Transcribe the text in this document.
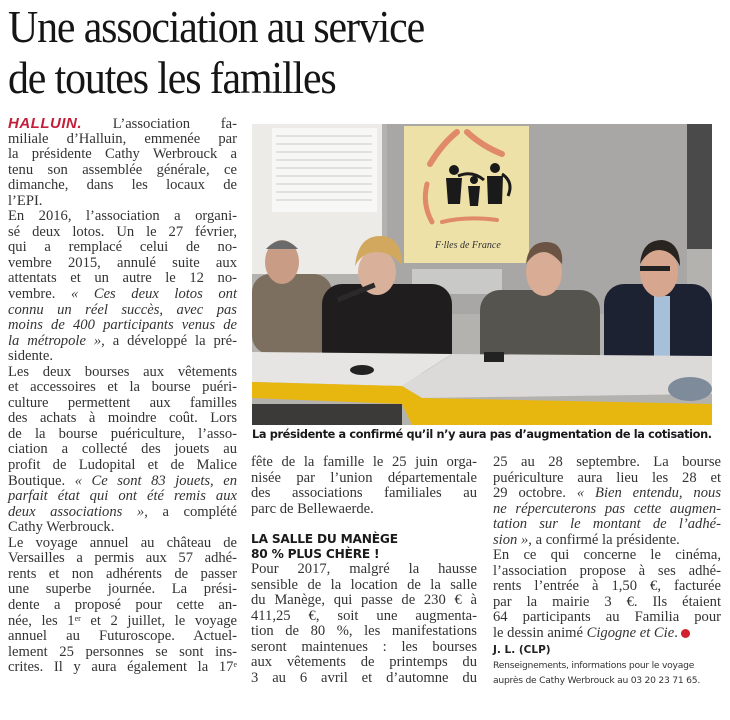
Une association au service
de toutes les familles
HALLUIN. L’association fa-
miliale d’Halluin, emmenée par
la présidente Cathy Werbrouck a
tenu son assemblée générale, ce
dimanche, dans les locaux de
l’EPI.
En 2016, l’association a organi-
sé deux lotos. Un le 27 février,
qui a remplacé celui de no-
vembre 2015, annulé suite aux
attentats et un autre le 12 no-
vembre. « Ces deux lotos ont
connu un réel succès, avec pas
moins de 400 participants venus de
la métropole », a développé la pré-
sidente.
Les deux bourses aux vêtements
et accessoires et la bourse puéri-
culture permettent aux familles
des achats à moindre coût. Lors
de la bourse puériculture, l’asso-
ciation a collecté des jouets au
profit de Ludopital et de Malice
Boutique. « Ce sont 83 jouets, en
parfait état qui ont été remis aux
deux associations », a complété
Cathy Werbrouck.
Le voyage annuel au château de
Versailles a permis aux 57 adhé-
rents et non adhérents de passer
une superbe journée. La prési-
dente a proposé pour cette an-
née, les 1er et 2 juillet, le voyage
annuel au Futuroscope. Actuel-
lement 25 personnes se sont ins-
crites. Il y aura également la 17e
F·lles de France
La présidente a confirmé qu’il n’y aura pas d’augmentation de la cotisation.
fête de la famille le 25 juin orga-
nisée par l’union départementale
des associations familiales au
parc de Bellewaerde.
LA SALLE DU MANÈGE
80 % PLUS CHÈRE !
Pour 2017, malgré la hausse
sensible de la location de la salle
du Manège, qui passe de 230 € à
411,25 €, soit une augmenta-
tion de 80 %, les manifestations
seront maintenues : les bourses
aux vêtements de printemps du
3 au 6 avril et d’automne du
25 au 28 septembre. La bourse
puériculture aura lieu les 28 et
29 octobre. « Bien entendu, nous
ne répercuterons pas cette augmen-
tation sur le montant de l’adhé-
sion », a confirmé la présidente.
En ce qui concerne le cinéma,
l’association propose à ses adhé-
rents l’entrée à 1,50 €, facturée
par la mairie 3 €. Ils étaient
64 participants au Familia pour
le dessin animé Cigogne et Cie.
J. L. (CLP)
Renseignements, informations pour le voyage
auprès de Cathy Werbrouck au 03 20 23 71 65.
